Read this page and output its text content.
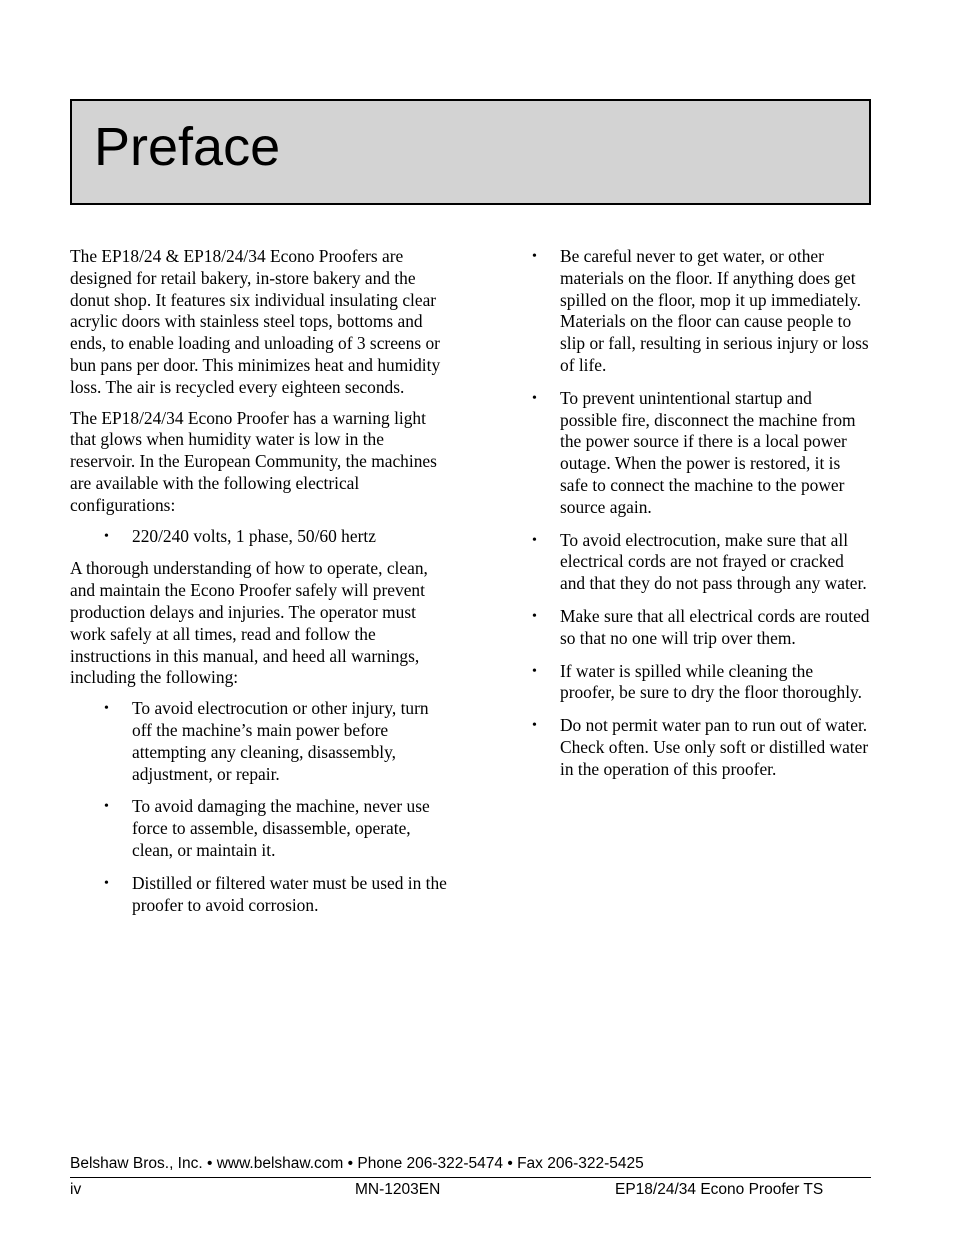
Preface

The EP18/24 & EP18/24/34 Econo Proofers are designed for retail bakery, in-store bakery and the donut shop. It features six individual insulating clear acrylic doors with stainless steel tops, bottoms and ends, to enable loading and unloading of 3 screens or bun pans per door. This minimizes heat and humidity loss. The air is recycled every eighteen seconds.

The EP18/24/34 Econo Proofer has a warning light that glows when humidity water is low in the reservoir. In the European Community, the machines are available with the following electrical configurations:

• 220/240 volts, 1 phase, 50/60 hertz

A thorough understanding of how to operate, clean, and maintain the Econo Proofer safely will prevent production delays and injuries. The operator must work safely at all times, read and follow the instructions in this manual, and heed all warnings, including the following:

• To avoid electrocution or other injury, turn off the machine’s main power before attempting any cleaning, disassembly, adjustment, or repair.
• To avoid damaging the machine, never use force to assemble, disassemble, operate, clean, or maintain it.
• Distilled or filtered water must be used in the proofer to avoid corrosion.
• Be careful never to get water, or other materials on the floor. If anything does get spilled on the floor, mop it up immediately. Materials on the floor can cause people to slip or fall, resulting in serious injury or loss of life.
• To prevent unintentional startup and possible fire, disconnect the machine from the power source if there is a local power outage. When the power is restored, it is safe to connect the machine to the power source again.
• To avoid electrocution, make sure that all electrical cords are not frayed or cracked and that they do not pass through any water.
• Make sure that all electrical cords are routed so that no one will trip over them.
• If water is spilled while cleaning the proofer, be sure to dry the floor thoroughly.
• Do not permit water pan to run out of water. Check often. Use only soft or distilled water in the operation of this proofer.
Belshaw Bros., Inc. • www.belshaw.com • Phone 206-322-5474 • Fax 206-322-5425
iv	MN-1203EN	EP18/24/34 Econo Proofer TS
